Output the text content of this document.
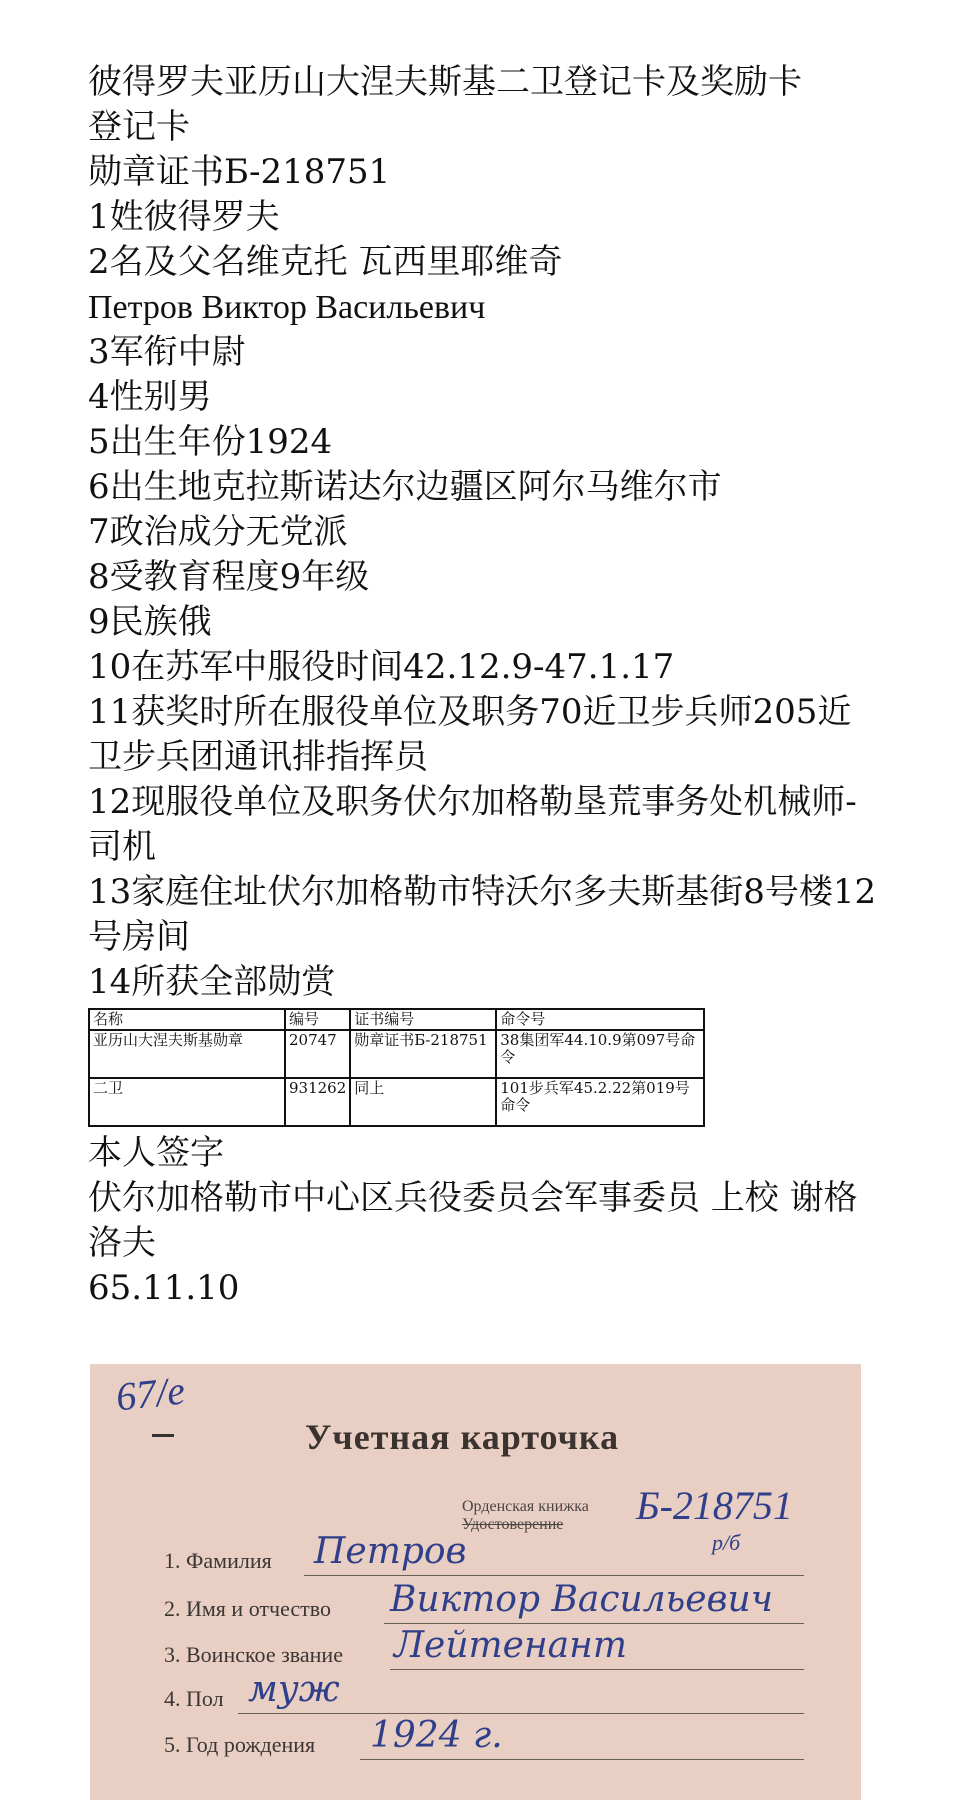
彼得罗夫亚历山大涅夫斯基二卫登记卡及奖励卡

登记卡

勋章证书Б-218751

1姓彼得罗夫

2名及父名维克托 瓦西里耶维奇

Петров Виктор Васильевич

3军衔中尉

4性别男

5出生年份1924

6出生地克拉斯诺达尔边疆区阿尔马维尔市

7政治成分无党派

8受教育程度9年级

9民族俄

10在苏军中服役时间42.12.9-47.1.17

11获奖时所在服役单位及职务70近卫步兵师205近卫步兵团通讯排指挥员

12现服役单位及职务伏尔加格勒垦荒事务处机械师-司机

13家庭住址伏尔加格勒市特沃尔多夫斯基街8号楼12号房间

14所获全部勋赏

名称	编号	证书编号	命令号
亚历山大涅夫斯基勋章	20747	勋章证书Б-218751	38集团军44.10.9第097号命令
二卫	931262	同上	101步兵军45.2.22第019号命令

本人签字

伏尔加格勒市中心区兵役委员会军事委员 上校 谢格洛夫

65.11.10

67/е
Учетная карточка
Орденская книжка
Удостоверение Б-218751
р/б
1. Фамилия Петров
2. Имя и отчество Виктор Васильевич
3. Воинское звание Лейтенант
4. Пол муж
5. Год рождения 1924 г.
